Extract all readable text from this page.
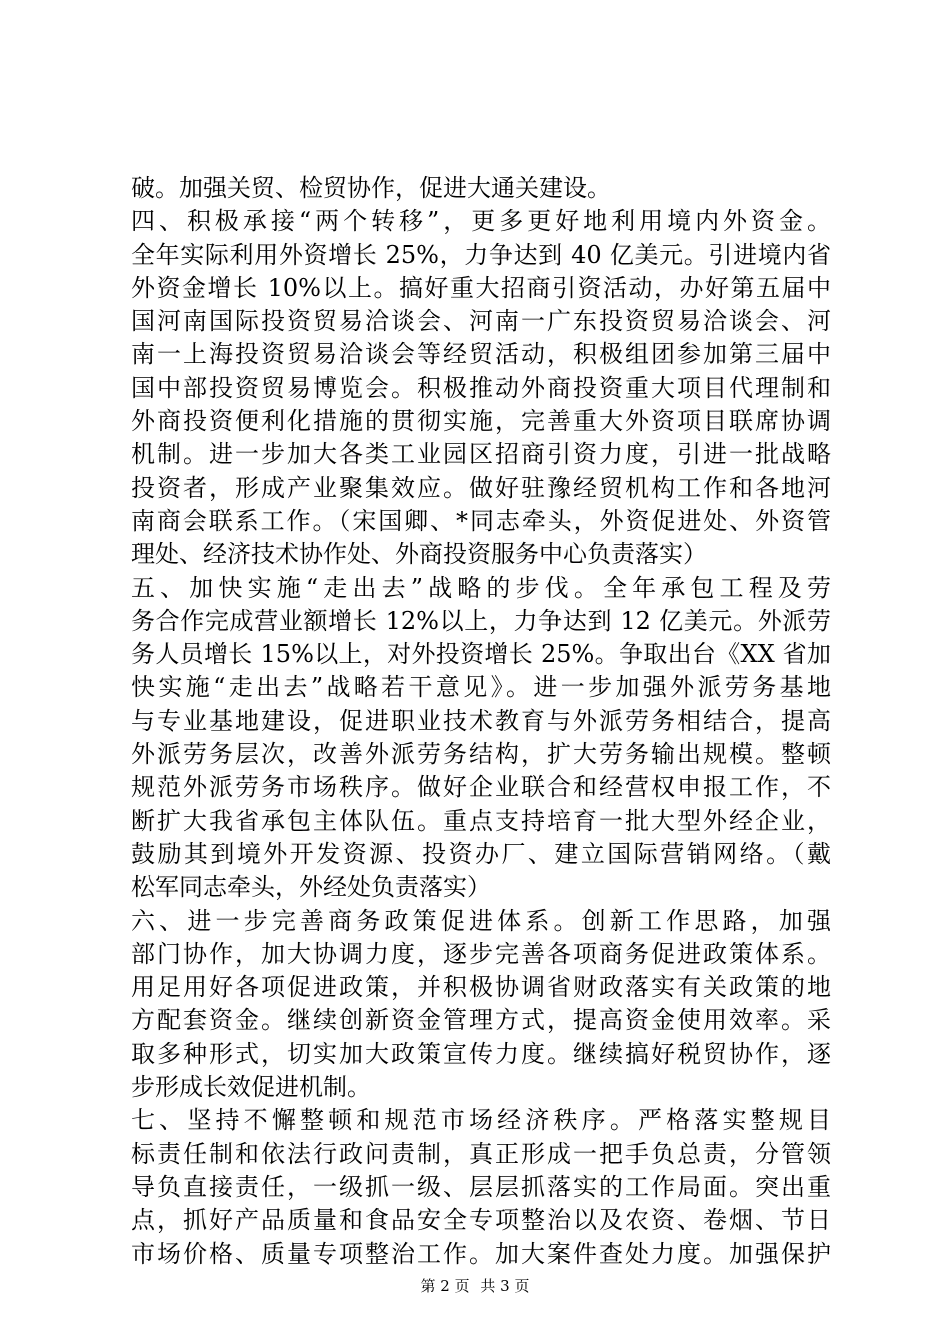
破。加强关贸、检贸协作，促进大通关建设。
四、积极承接“两个转移”，更多更好地利用境内外资金。
全年实际利用外资增长 25%，力争达到 40 亿美元。引进境内省
外资金增长 10%以上。搞好重大招商引资活动，办好第五届中
国河南国际投资贸易洽谈会、河南一广东投资贸易洽谈会、河
南一上海投资贸易洽谈会等经贸活动，积极组团参加第三届中
国中部投资贸易博览会。积极推动外商投资重大项目代理制和
外商投资便利化措施的贯彻实施，完善重大外资项目联席协调
机制。进一步加大各类工业园区招商引资力度，引进一批战略
投资者，形成产业聚集效应。做好驻豫经贸机构工作和各地河
南商会联系工作。（宋国卿、*同志牵头，外资促进处、外资管
理处、经济技术协作处、外商投资服务中心负责落实）
五、加快实施“走出去”战略的步伐。全年承包工程及劳
务合作完成营业额增长 12%以上，力争达到 12 亿美元。外派劳
务人员增长 15%以上，对外投资增长 25%。争取出台《XX 省加
快实施“走出去”战略若干意见》。进一步加强外派劳务基地
与专业基地建设，促进职业技术教育与外派劳务相结合，提高
外派劳务层次，改善外派劳务结构，扩大劳务输出规模。整顿
规范外派劳务市场秩序。做好企业联合和经营权申报工作，不
断扩大我省承包主体队伍。重点支持培育一批大型外经企业，
鼓励其到境外开发资源、投资办厂、建立国际营销网络。（戴
松军同志牵头，外经处负责落实）
六、进一步完善商务政策促进体系。创新工作思路，加强
部门协作，加大协调力度，逐步完善各项商务促进政策体系。
用足用好各项促进政策，并积极协调省财政落实有关政策的地
方配套资金。继续创新资金管理方式，提高资金使用效率。采
取多种形式，切实加大政策宣传力度。继续搞好税贸协作，逐
步形成长效促进机制。
七、坚持不懈整顿和规范市场经济秩序。严格落实整规目
标责任制和依法行政问责制，真正形成一把手负总责，分管领
导负直接责任，一级抓一级、层层抓落实的工作局面。突出重
点，抓好产品质量和食品安全专项整治以及农资、卷烟、节日
市场价格、质量专项整治工作。加大案件查处力度。加强保护
第 2 页 共 3 页
